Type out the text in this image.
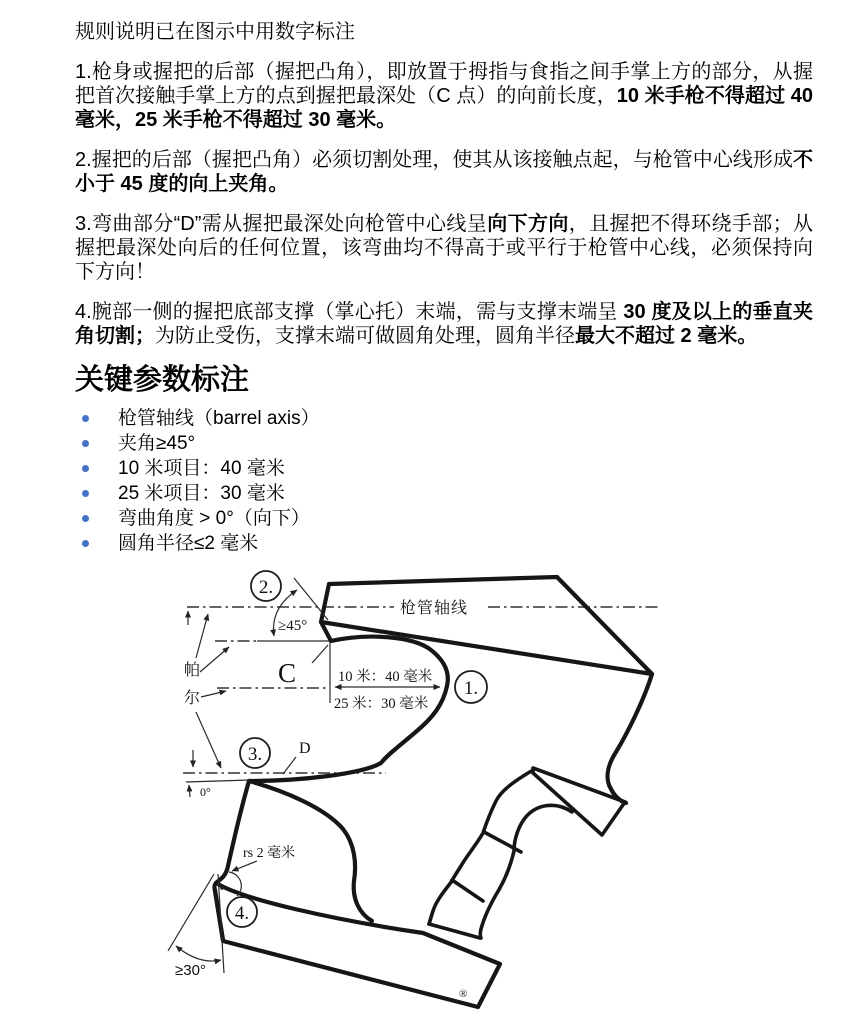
规则说明已在图示中用数字标注

1.枪身或握把的后部（握把凸角），即放置于拇指与食指之间手掌上方的部分，从握把首次接触手掌上方的点到握把最深处（C 点）的向前长度，10 米手枪不得超过 40 毫米，25 米手枪不得超过 30 毫米。

2.握把的后部（握把凸角）必须切割处理，使其从该接触点起，与枪管中心线形成不小于 45 度的向上夹角。

3.弯曲部分“D”需从握把最深处向枪管中心线呈向下方向，且握把不得环绕手部；从握把最深处向后的任何位置，该弯曲均不得高于或平行于枪管中心线，必须保持向下方向！

4.腕部一侧的握把底部支撑（掌心托）末端，需与支撑末端呈 30 度及以上的垂直夹角切割；为防止受伤，支撑末端可做圆角处理，圆角半径最大不超过 2 毫米。

关键参数标注
枪管轴线（barrel axis）
夹角≥45°
10 米项目：40 毫米
25 米项目：30 毫米
弯曲角度 > 0°（向下）
圆角半径≤2 毫米
≥45°
2.
C	10 米：40 毫米
25 米：30 毫米
1.
枪管轴线
帕
尔
3. D
0°
rs 2 毫米
4.
≥30°
®
